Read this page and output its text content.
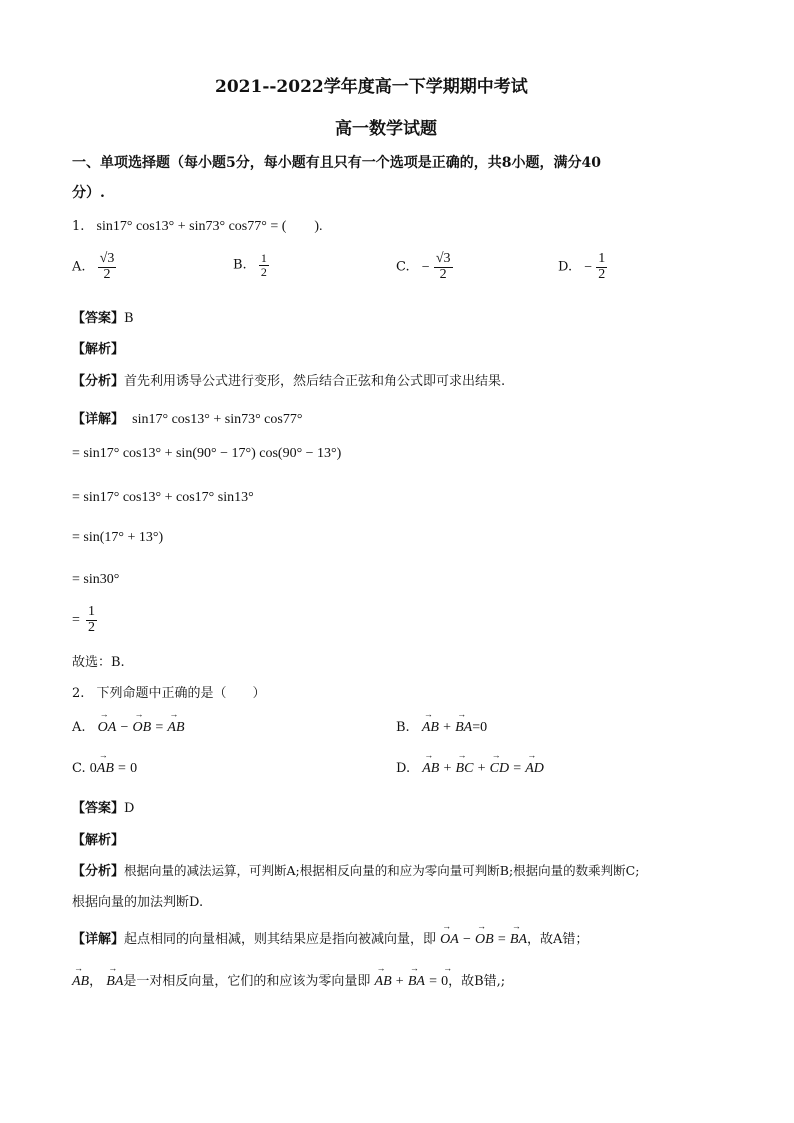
2021--2022学年度高一下学期期中考试
高一数学试题
一、单项选择题（每小题5分，每小题有且只有一个选项是正确的，共8小题，满分40
分）.
1. sin17° cos13° + sin73° cos77° = (　　).
A. $\frac{√3}{2}$	B. $\frac{1}{2}$	C. − $\frac{√3}{2}$	D. − $\frac{1}{2}$
【答案】B
【解析】
【分析】首先利用诱导公式进行变形，然后结合正弦和角公式即可求出结果.
【详解】 sin17° cos13° + sin73° cos77°
= sin17° cos13° + sin(90° − 17°) cos(90° − 13°)
= sin17° cos13° + cos17° sin13°
= sin(17° + 13°)
= sin30°
= $\frac{1}{2}$
故选：B.
2. 下列命题中正确的是（　　）
A. → OA − → OB = → AB	B. → AB + → BA=0
C. 0→ AB = 0	D. → AB + → BC + → CD = → AD
【答案】D
【解析】
【分析】根据向量的减法运算，可判断A;根据相反向量的和应为零向量可判断B;根据向量的数乘判断C;
根据向量的加法判断D.
【详解】起点相同的向量相减，则其结果应是指向被减向量，即 → OA − → OB = → BA，故A错；
→ AB， → BA是一对相反向量，它们的和应该为零向量即 → AB + → BA = → 0，故B错,;
